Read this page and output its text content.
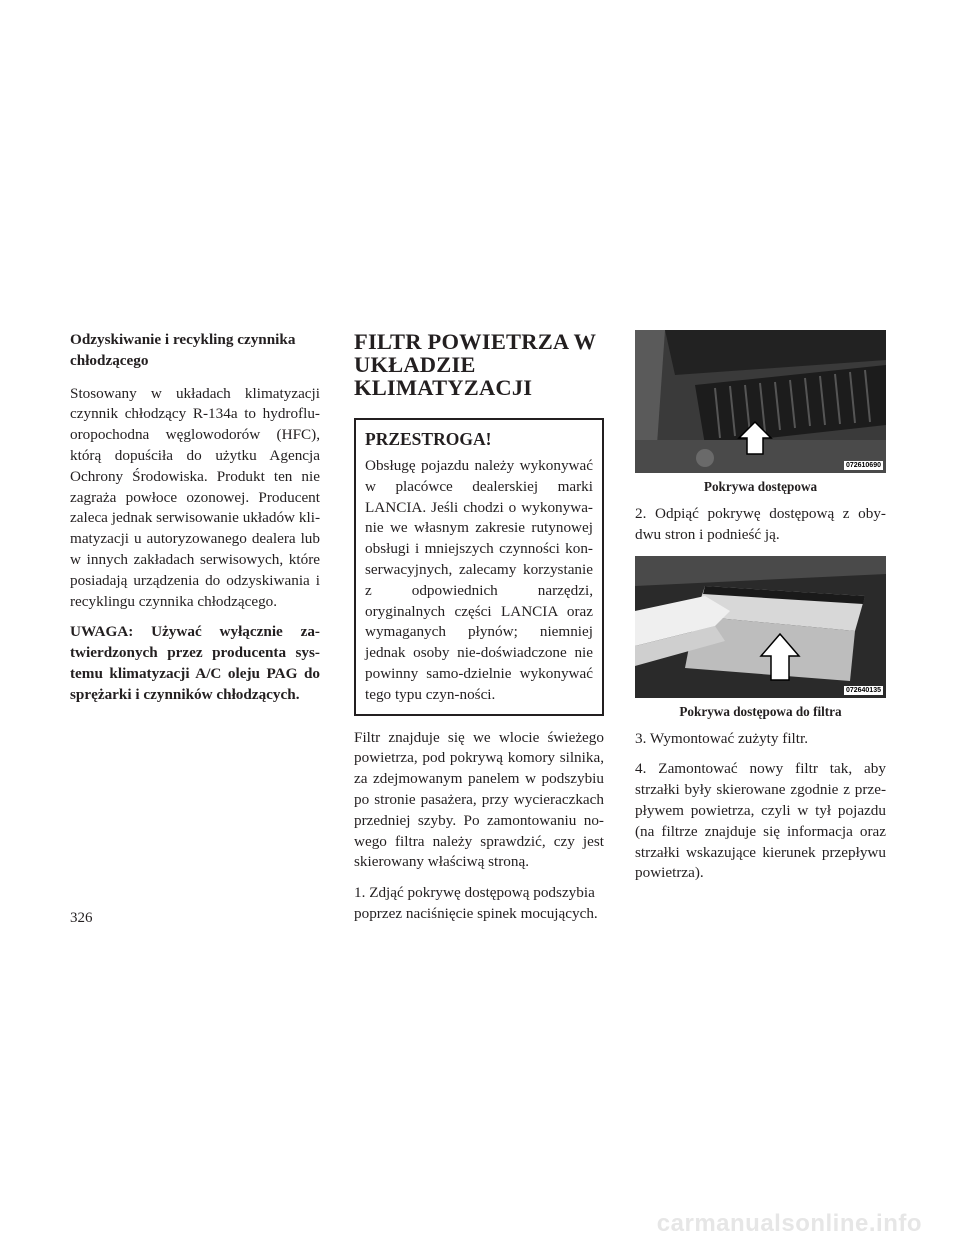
Odzyskiwanie i recykling czynnika chłodzącego

Stosowany w układach klimatyzacji czynnik chłodzący R-134a to hydroflu-oropochodna węglowodorów (HFC), którą dopuściła do użytku Agencja Ochrony Środowiska. Produkt ten nie zagraża powłoce ozonowej. Producent zaleca jednak serwisowanie układów kli-matyzacji u autoryzowanego dealera lub w innych zakładach serwisowych, które posiadają urządzenia do odzyskiwania i recyklingu czynnika chłodzącego.

UWAGA: Używać wyłącznie za-twierdzonych przez producenta sys-temu klimatyzacji A/C oleju PAG do sprężarki i czynników chłodzących.

FILTR POWIETRZA W
UKŁADZIE
KLIMATYZACJI
PRZESTROGA!

Obsługę pojazdu należy wykonywać w placówce dealerskiej marki LANCIA. Jeśli chodzi o wykonywa-nie we własnym zakresie rutynowej obsługi i mniejszych czynności kon-serwacyjnych, zalecamy korzystanie z odpowiednich narzędzi, oryginalnych części LANCIA oraz wymaganych płynów; niemniej jednak osoby nie-doświadczone nie powinny samo-dzielnie wykonywać tego typu czyn-ności.

Filtr znajduje się we wlocie świeżego powietrza, pod pokrywą komory silnika, za zdejmowanym panelem w podszybiu po stronie pasażera, przy wycieraczkach przedniej szyby. Po zamontowaniu no-wego filtra należy sprawdzić, czy jest skierowany właściwą stroną.

1. Zdjąć pokrywę dostępową podszybia poprzez naciśnięcie spinek mocujących.

072610690
Pokrywa dostępowa

2. Odpiąć pokrywę dostępową z oby-dwu stron i podnieść ją.

072640135
Pokrywa dostępowa do filtra

3. Wymontować zużyty filtr.

4. Zamontować nowy filtr tak, aby strzałki były skierowane zgodnie z prze-pływem powietrza, czyli w tył pojazdu (na filtrze znajduje się informacja oraz strzałki wskazujące kierunek przepływu powietrza).

326
carmanualsonline.info
